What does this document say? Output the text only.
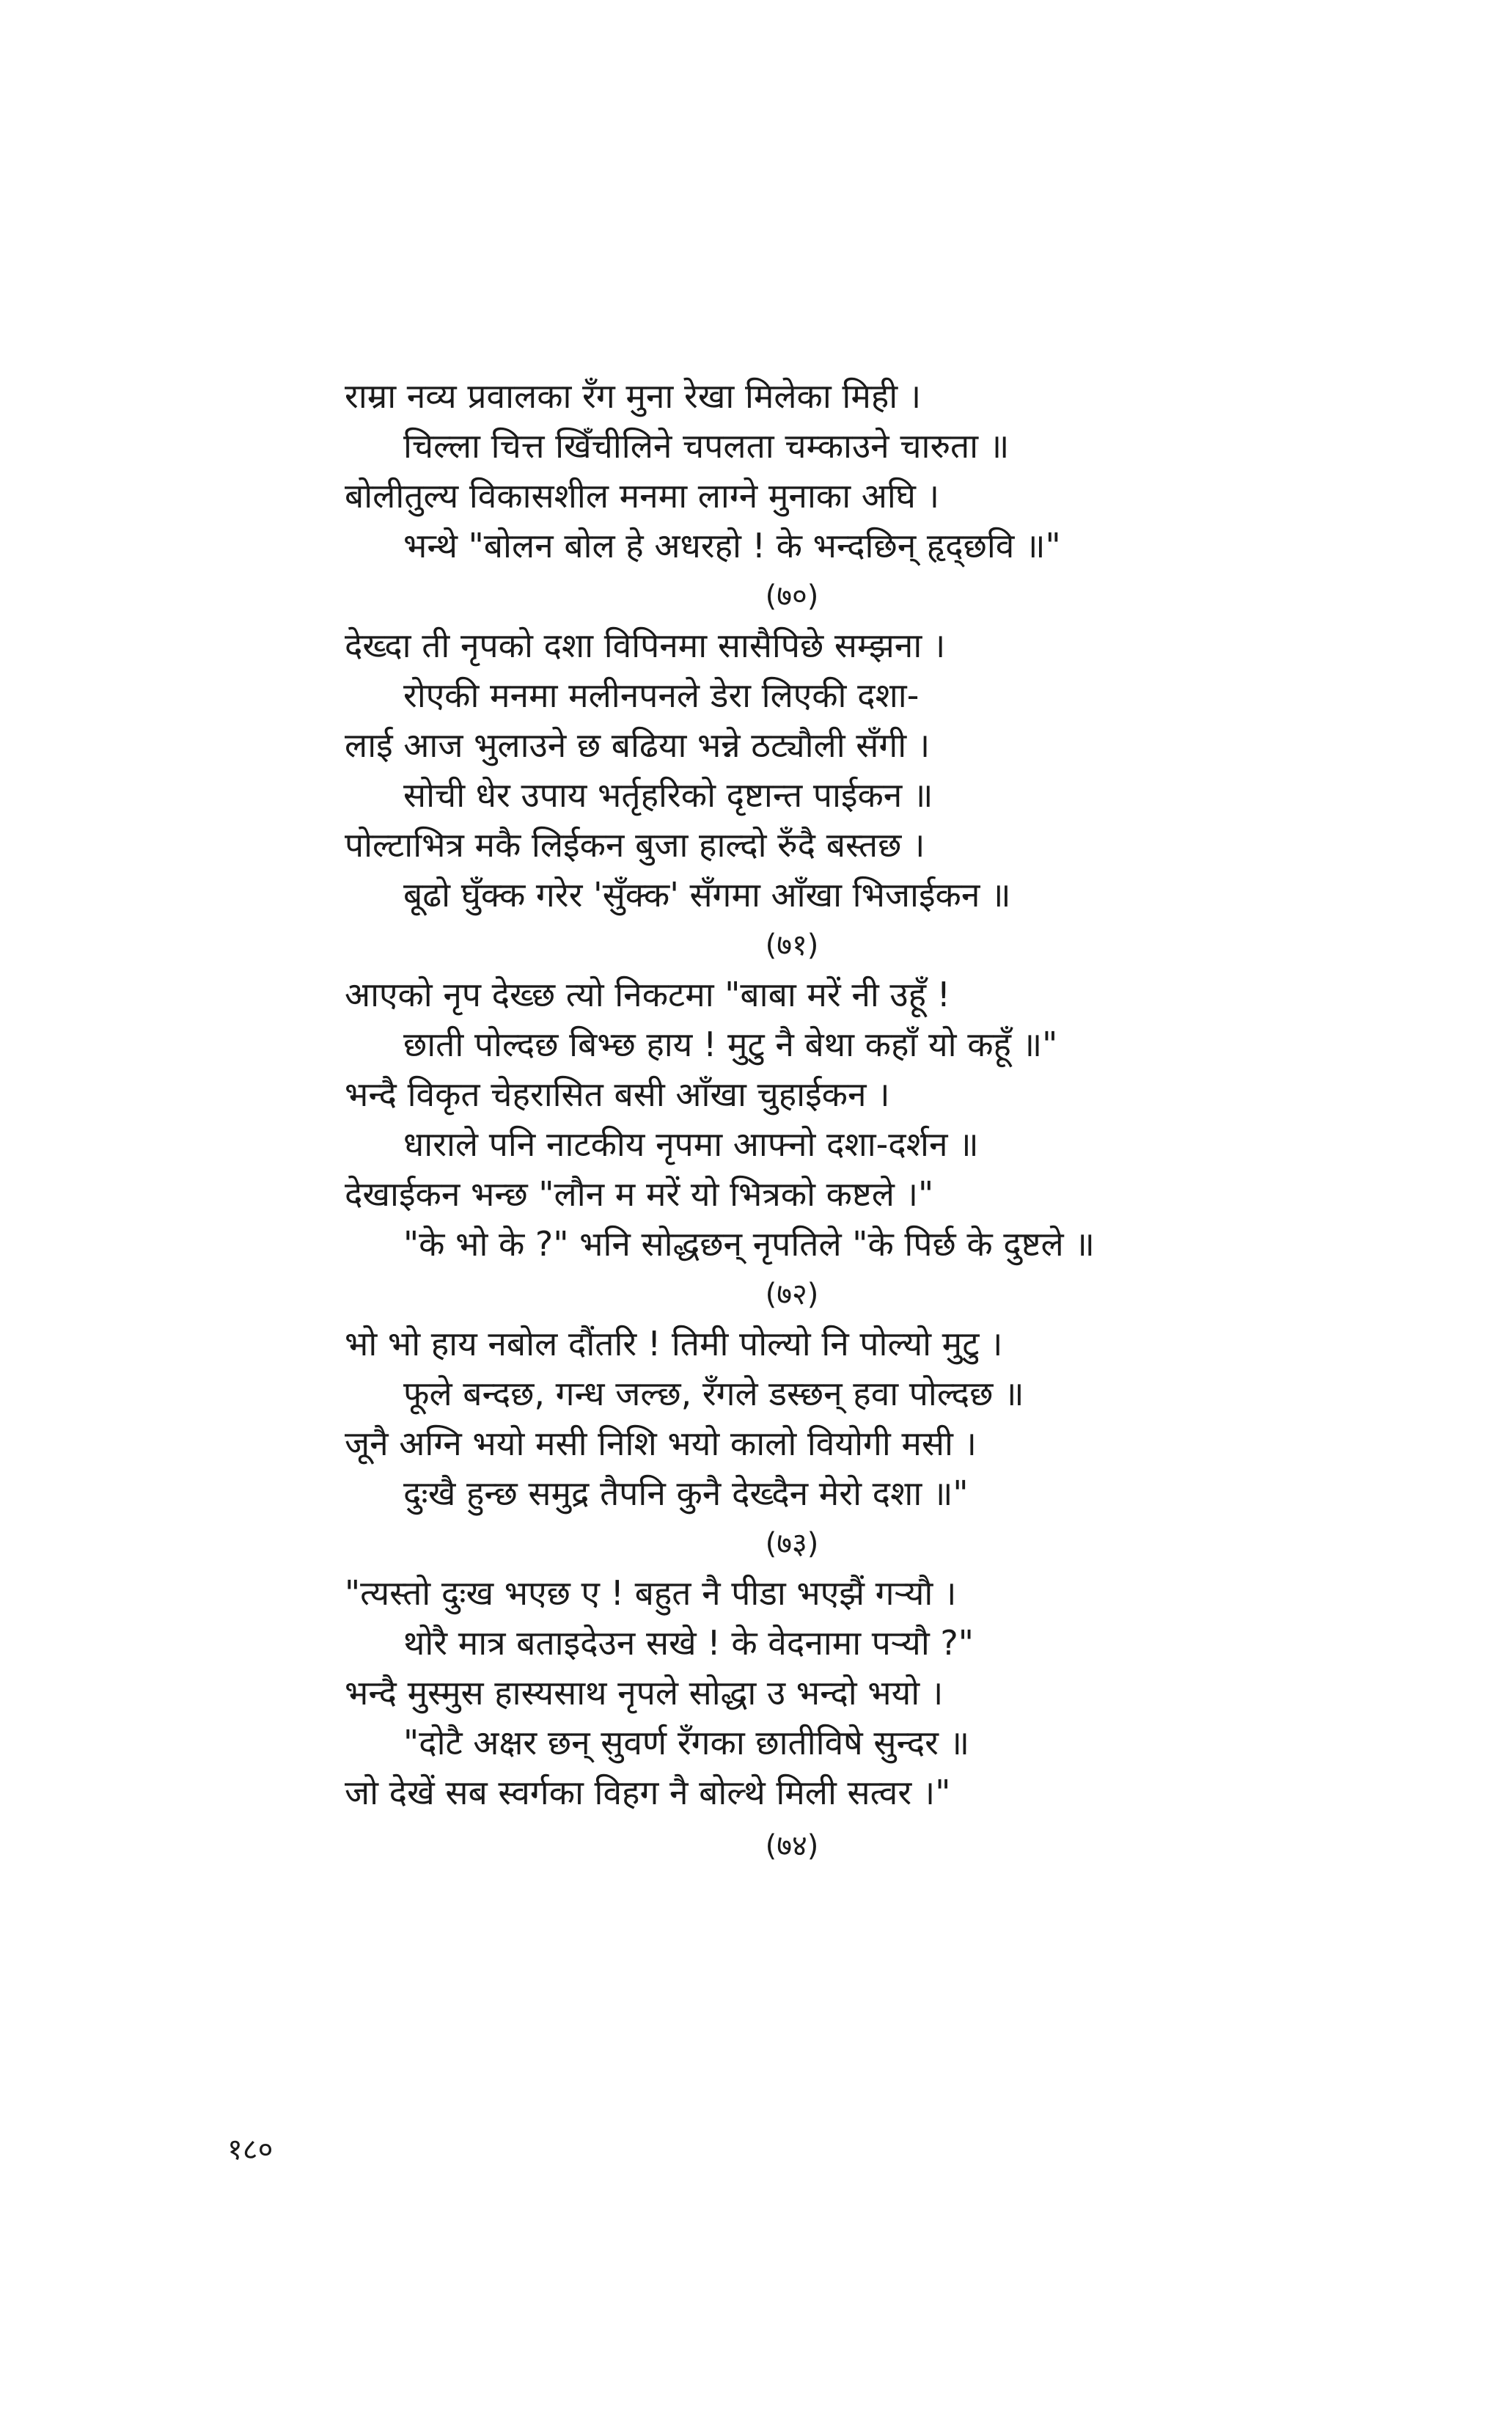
राम्रा नव्य प्रवालका रँग मुना रेखा मिलेका मिही ।
चिल्ला चित्त खिँचीलिने चपलता चम्काउने चारुता ॥
बोलीतुल्य विकासशील मनमा लाग्ने मुनाका अघि ।
भन्थे "बोलन बोल हे अधरहो ! के भन्दछिन् हृद्छवि ॥"
(७०)
देख्दा ती नृपको दशा विपिनमा सासैपिछे सम्झना ।
रोएकी मनमा मलीनपनले डेरा लिएकी दशा-
लाई आज भुलाउने छ बढिया भन्ने ठट्यौली सँगी ।
सोची धेर उपाय भर्तृहरिको दृष्टान्त पाईकन ॥
पोल्टाभित्र मकै लिईकन बुजा हाल्दो रुँदै बस्तछ ।
बूढो घुँक्क गरेर 'सुँक्क' सँगमा आँखा भिजाईकन ॥
(७१)
आएको नृप देख्छ त्यो निकटमा "बाबा मरें नी उहूँ !
छाती पोल्दछ बिभ्छ हाय ! मुटु नै बेथा कहाँ यो कहूँ ॥"
भन्दै विकृत चेहरासित बसी आँखा चुहाईकन ।
धाराले पनि नाटकीय नृपमा आफ्नो दशा-दर्शन ॥
देखाईकन भन्छ "लौन म मरें यो भित्रको कष्टले ।"
"के भो के ?" भनि सोद्धछन् नृपतिले "के पिर्छ के दुष्टले ॥
(७२)
भो भो हाय नबोल दौंतरि ! तिमी पोल्यो नि पोल्यो मुटु ।
फूले बन्दछ, गन्ध जल्छ, रँगले डस्छन् हवा पोल्दछ ॥
जूनै अग्नि भयो मसी निशि भयो कालो वियोगी मसी ।
दुःखै हुन्छ समुद्र तैपनि कुनै देख्दैन मेरो दशा ॥"
(७३)
"त्यस्तो दुःख भएछ ए ! बहुत नै पीडा भएझैं गऱ्यौ ।
थोरै मात्र बताइदेउन सखे ! के वेदनामा पऱ्यौ ?"
भन्दै मुस्मुस हास्यसाथ नृपले सोद्धा उ भन्दो भयो ।
"दोटै अक्षर छन् सुवर्ण रँगका छातीविषे सुन्दर ॥
जो देखें सब स्वर्गका विहग नै बोल्थे मिली सत्वर ।"
(७४)
१८०
